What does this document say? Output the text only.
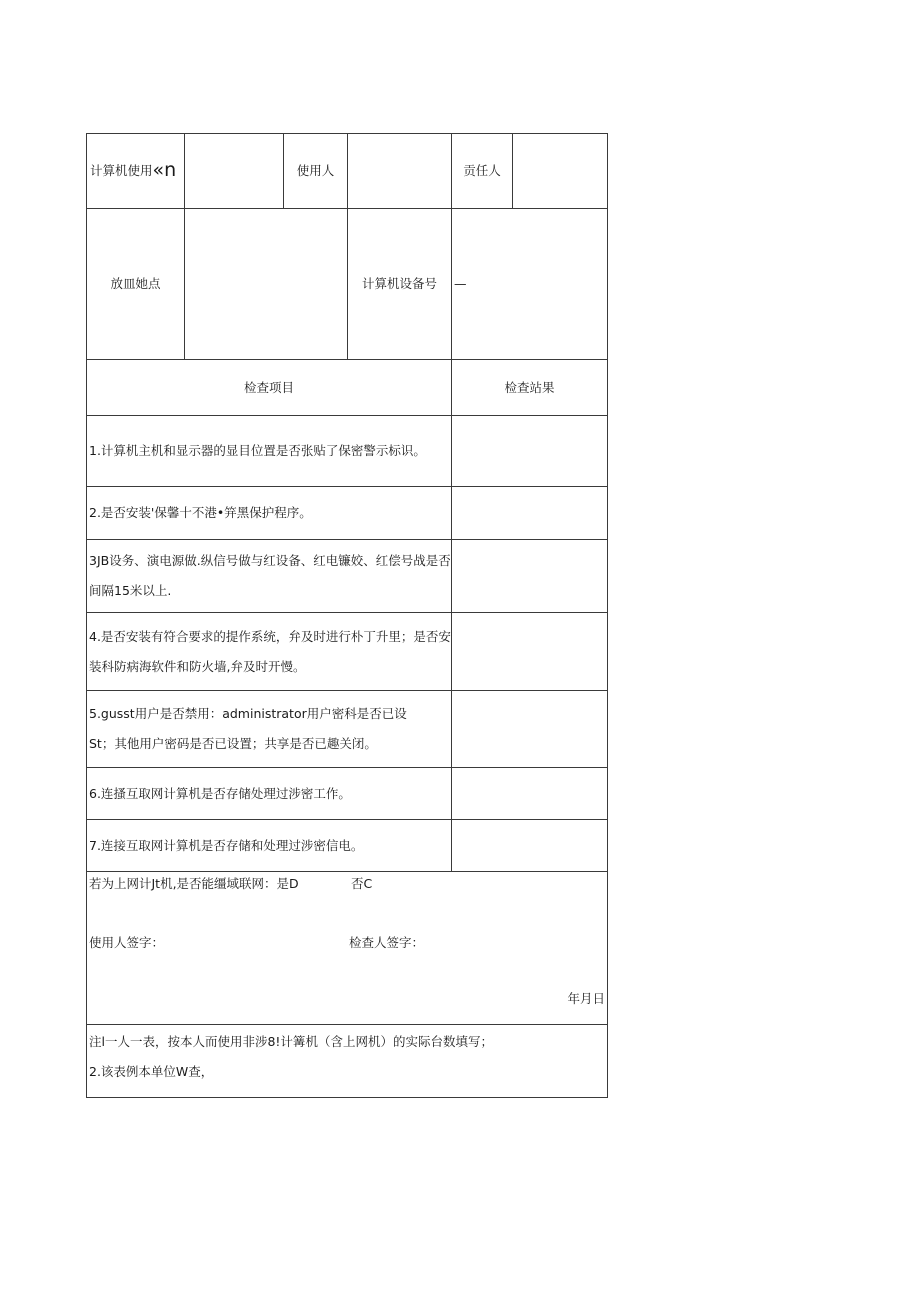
计算机使用 «n	使用人	贡任人
放皿她点	计算机设备号	—
检查项目	检查站果
1.计算机主机和显示器的显目位置是否张贴了保密警示标识。
2.是否安装'保馨十不港•笄黑保护程序。
3JB设务、演电源做.纵信号做与红设备、红电镰姣、红偿号战是否
间隔15米以上.
4.是否安装有符合要求的提作系统，弁及时进行朴丁升里；是否安
装科防病海软件和防火墙,弁及时开慢。
5.gusst用户是否禁用：administrator用户密科是否已设
St；其他用户密码是否已设置；共享是否已趣关闭。
6.连搔互取网计算机是否存储处理过涉密工作。
7.连接互取网计算机是否存储和处理过涉密信电。
若为上网计Jt机,是否能缰域联网：是D	否C
使用人签字：	检查人签字：
年月日
注l一人一表，按本人而使用非涉8!计篝机（含上网机）的实际台数填写；
2.该表例本单位W查，
